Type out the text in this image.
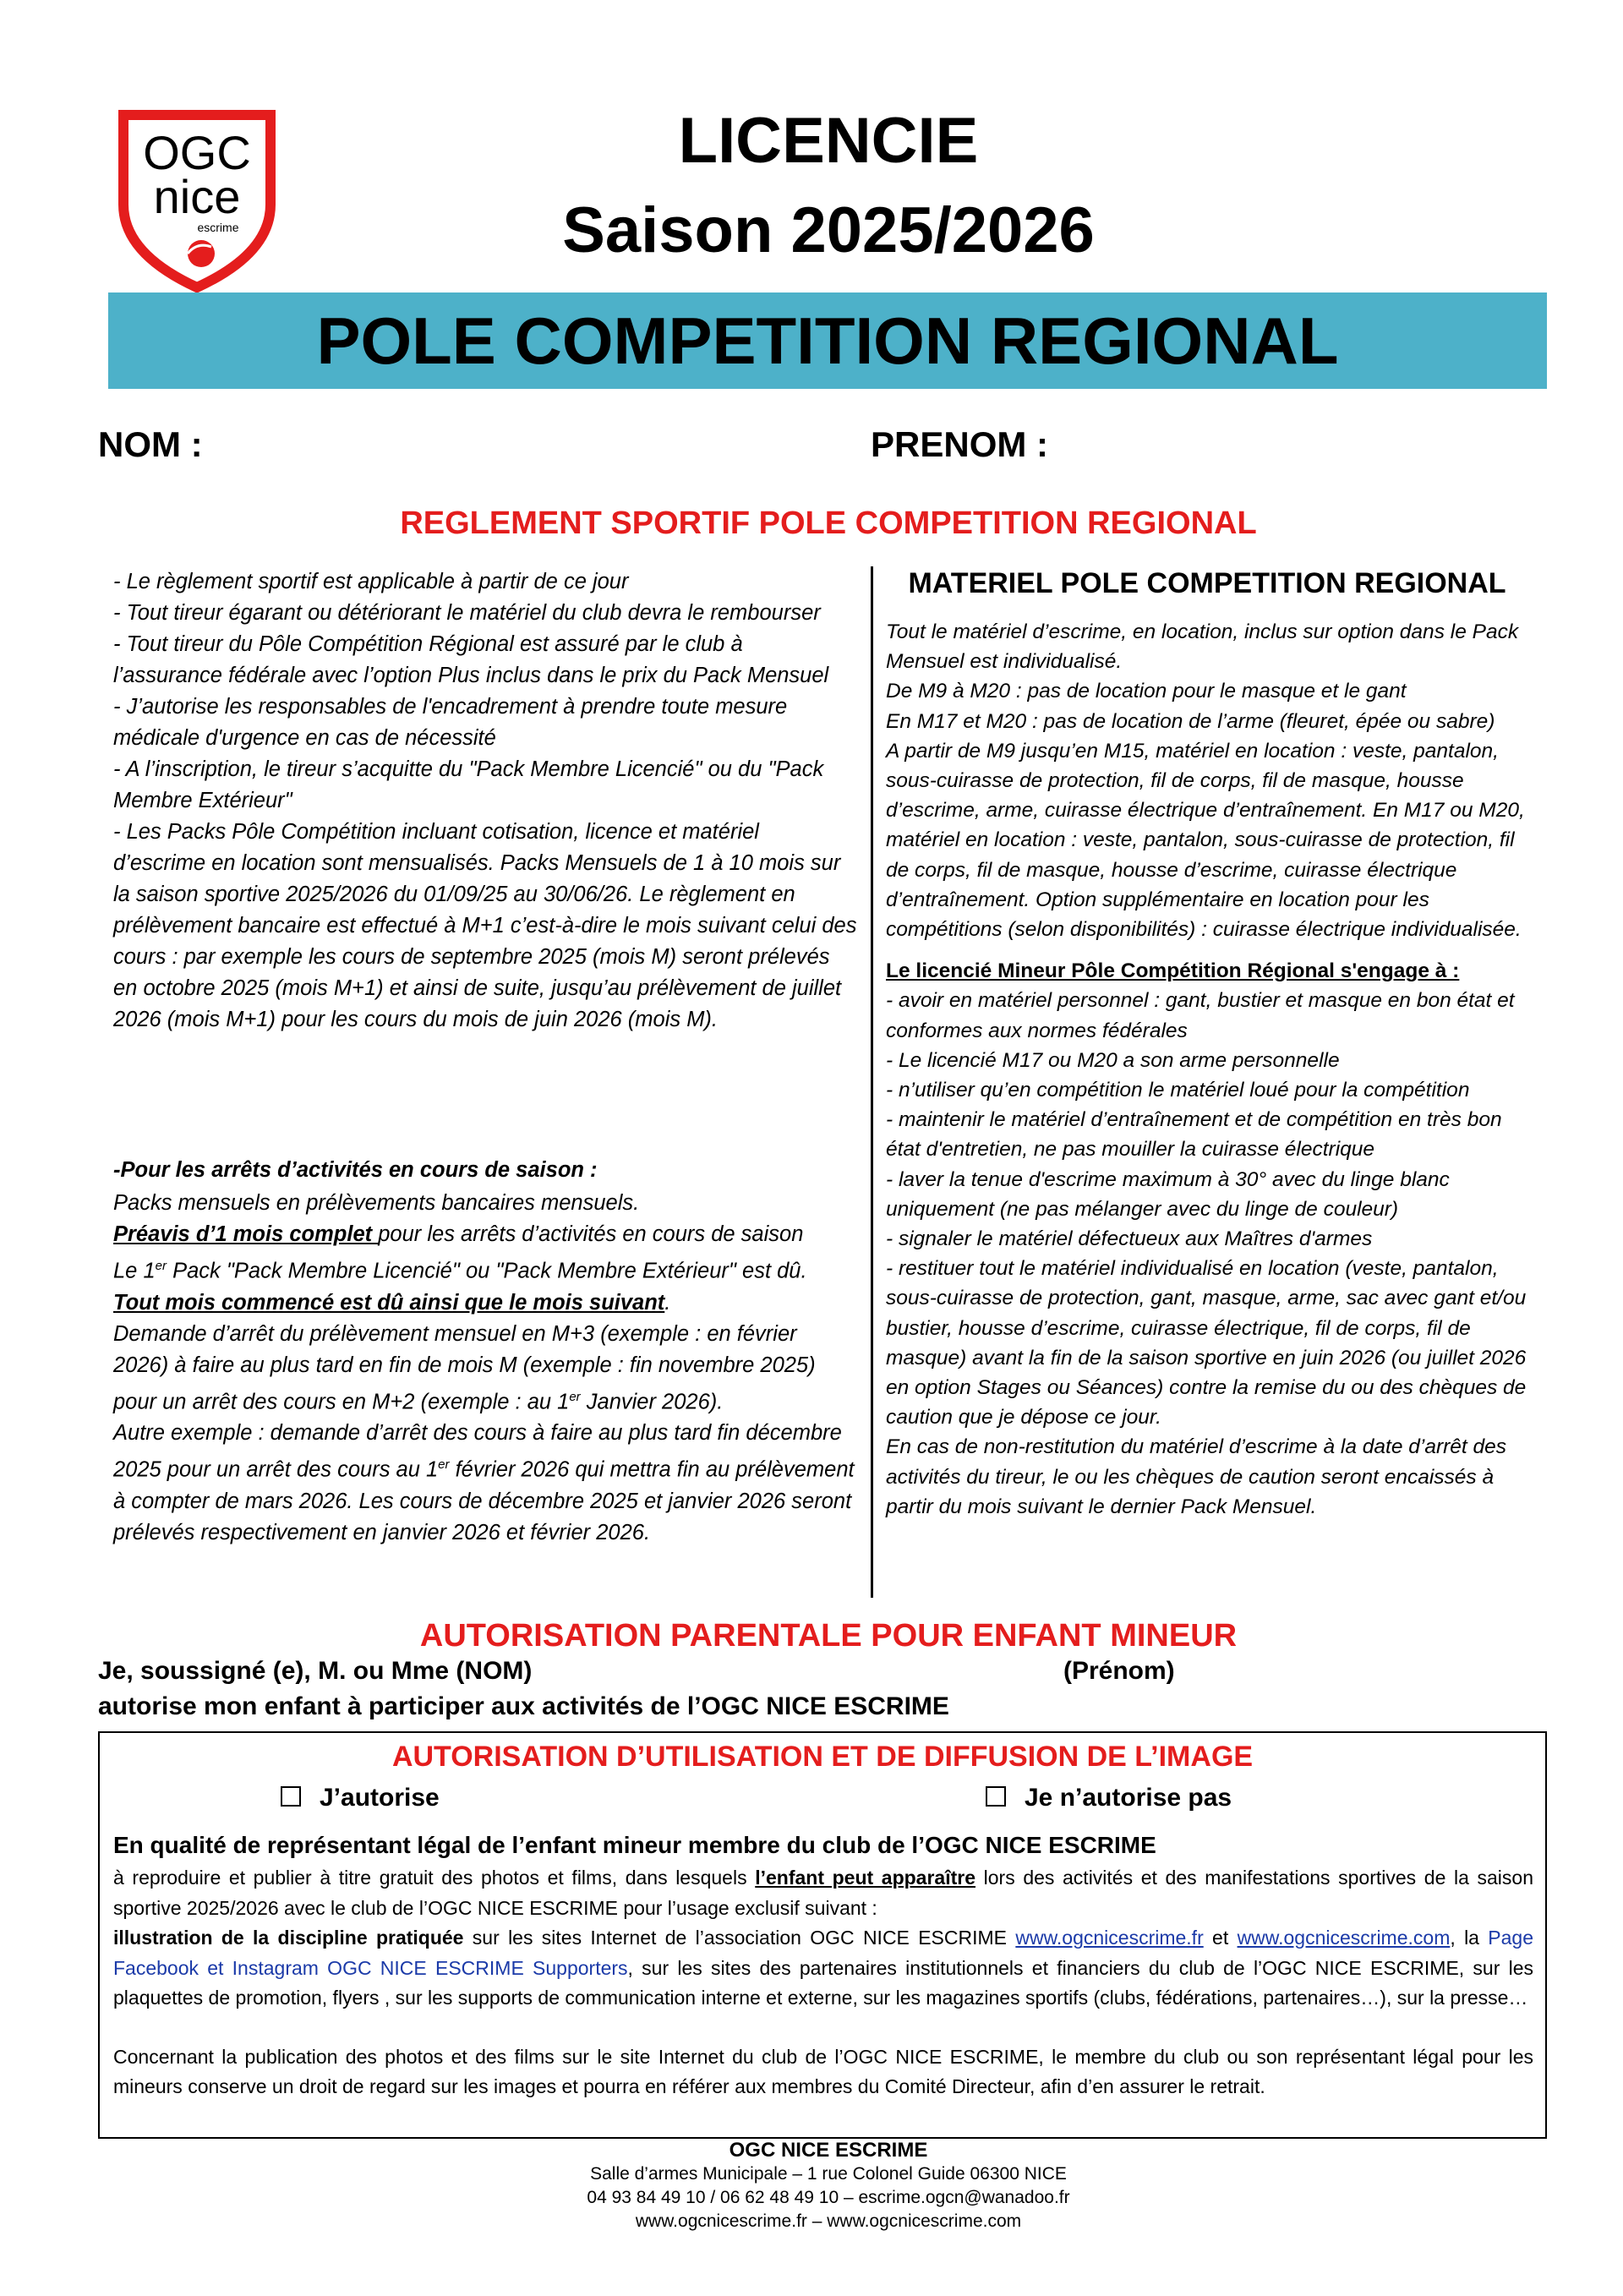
OGC
nice
escrime
LICENCIE
Saison 2025/2026
POLE COMPETITION REGIONAL
NOM :	PRENOM :
REGLEMENT SPORTIF POLE COMPETITION REGIONAL

- Le règlement sportif est applicable à partir de ce jour

- Tout tireur égarant ou détériorant le matériel du club devra le rembourser

- Tout tireur du Pôle Compétition Régional est assuré par le club à l’assurance fédérale avec l’option Plus inclus dans le prix du Pack Mensuel

- J’autorise les responsables de l'encadrement à prendre toute mesure médicale d'urgence en cas de nécessité

- A l’inscription, le tireur s’acquitte du "Pack Membre Licencié" ou du "Pack Membre Extérieur"

- Les Packs Pôle Compétition incluant cotisation, licence et matériel d’escrime en location sont mensualisés. Packs Mensuels de 1 à 10 mois sur la saison sportive 2025/2026 du 01/09/25 au 30/06/26. Le règlement en prélèvement bancaire est effectué à M+1 c’est-à-dire le mois suivant celui des cours : par exemple les cours de septembre 2025 (mois M) seront prélevés en octobre 2025 (mois M+1) et ainsi de suite, jusqu’au prélèvement de juillet 2026 (mois M+1) pour les cours du mois de juin 2026 (mois M).

-Pour les arrêts d’activités en cours de saison :

Packs mensuels en prélèvements bancaires mensuels.

Préavis d’1 mois complet pour les arrêts d’activités en cours de saison

Le 1er Pack "Pack Membre Licencié" ou "Pack Membre Extérieur" est dû. Tout mois commencé est dû ainsi que le mois suivant.

Demande d’arrêt du prélèvement mensuel en M+3 (exemple : en février 2026) à faire au plus tard en fin de mois M (exemple : fin novembre 2025) pour un arrêt des cours en M+2 (exemple : au 1er Janvier 2026).

Autre exemple : demande d’arrêt des cours à faire au plus tard fin décembre 2025 pour un arrêt des cours au 1er février 2026 qui mettra fin au prélèvement à compter de mars 2026. Les cours de décembre 2025 et janvier 2026 seront prélevés respectivement en janvier 2026 et février 2026.

MATERIEL POLE COMPETITION REGIONAL

Tout le matériel d’escrime, en location, inclus sur option dans le Pack Mensuel est individualisé.

De M9 à M20 : pas de location pour le masque et le gant

En M17 et M20 : pas de location de l’arme (fleuret, épée ou sabre)

A partir de M9 jusqu’en M15, matériel en location : veste, pantalon, sous-cuirasse de protection, fil de corps, fil de masque, housse d’escrime, arme, cuirasse électrique d’entraînement. En M17 ou M20, matériel en location : veste, pantalon, sous-cuirasse de protection, fil de corps, fil de masque, housse d’escrime, cuirasse électrique d’entraînement. Option supplémentaire en location pour les compétitions (selon disponibilités) : cuirasse électrique individualisée.

Le licencié Mineur Pôle Compétition Régional s'engage à :

- avoir en matériel personnel : gant, bustier et masque en bon état et conformes aux normes fédérales

- Le licencié M17 ou M20 a son arme personnelle

- n’utiliser qu’en compétition le matériel loué pour la compétition

- maintenir le matériel d’entraînement et de compétition en très bon état d'entretien, ne pas mouiller la cuirasse électrique

- laver la tenue d'escrime maximum à 30° avec du linge blanc uniquement (ne pas mélanger avec du linge de couleur)

- signaler le matériel défectueux aux Maîtres d'armes

- restituer tout le matériel individualisé en location (veste, pantalon, sous-cuirasse de protection, gant, masque, arme, sac avec gant et/ou bustier, housse d’escrime, cuirasse électrique, fil de corps, fil de masque) avant la fin de la saison sportive en juin 2026 (ou juillet 2026 en option Stages ou Séances) contre la remise du ou des chèques de caution que je dépose ce jour.

En cas de non-restitution du matériel d’escrime à la date d’arrêt des activités du tireur, le ou les chèques de caution seront encaissés à partir du mois suivant le dernier Pack Mensuel.

AUTORISATION PARENTALE POUR ENFANT MINEUR
Je, soussigné (e), M. ou Mme (NOM)	(Prénom)
autorise mon enfant à participer aux activités de l’OGC NICE ESCRIME
AUTORISATION D’UTILISATION ET DE DIFFUSION DE L’IMAGE
J’autorise	Je n’autorise pas
En qualité de représentant légal de l’enfant mineur membre du club de l’OGC NICE ESCRIME
à reproduire et publier à titre gratuit des photos et films, dans lesquels l’enfant peut apparaître lors des activités et des manifestations sportives de la saison sportive 2025/2026 avec le club de l’OGC NICE ESCRIME pour l’usage exclusif suivant :
illustration de la discipline pratiquée sur les sites Internet de l’association OGC NICE ESCRIME www.ogcnicescrime.fr et www.ogcnicescrime.com, la Page Facebook et Instagram OGC NICE ESCRIME Supporters, sur les sites des partenaires institutionnels et financiers du club de l’OGC NICE ESCRIME, sur les plaquettes de promotion, flyers , sur les supports de communication interne et externe, sur les magazines sportifs (clubs, fédérations, partenaires…), sur la presse…
Concernant la publication des photos et des films sur le site Internet du club de l’OGC NICE ESCRIME, le membre du club ou son représentant légal pour les mineurs conserve un droit de regard sur les images et pourra en référer aux membres du Comité Directeur, afin d’en assurer le retrait.
OGC NICE ESCRIME
Salle d’armes Municipale – 1 rue Colonel Guide 06300 NICE
04 93 84 49 10 / 06 62 48 49 10 – escrime.ogcn@wanadoo.fr
www.ogcnicescrime.fr – www.ogcnicescrime.com
